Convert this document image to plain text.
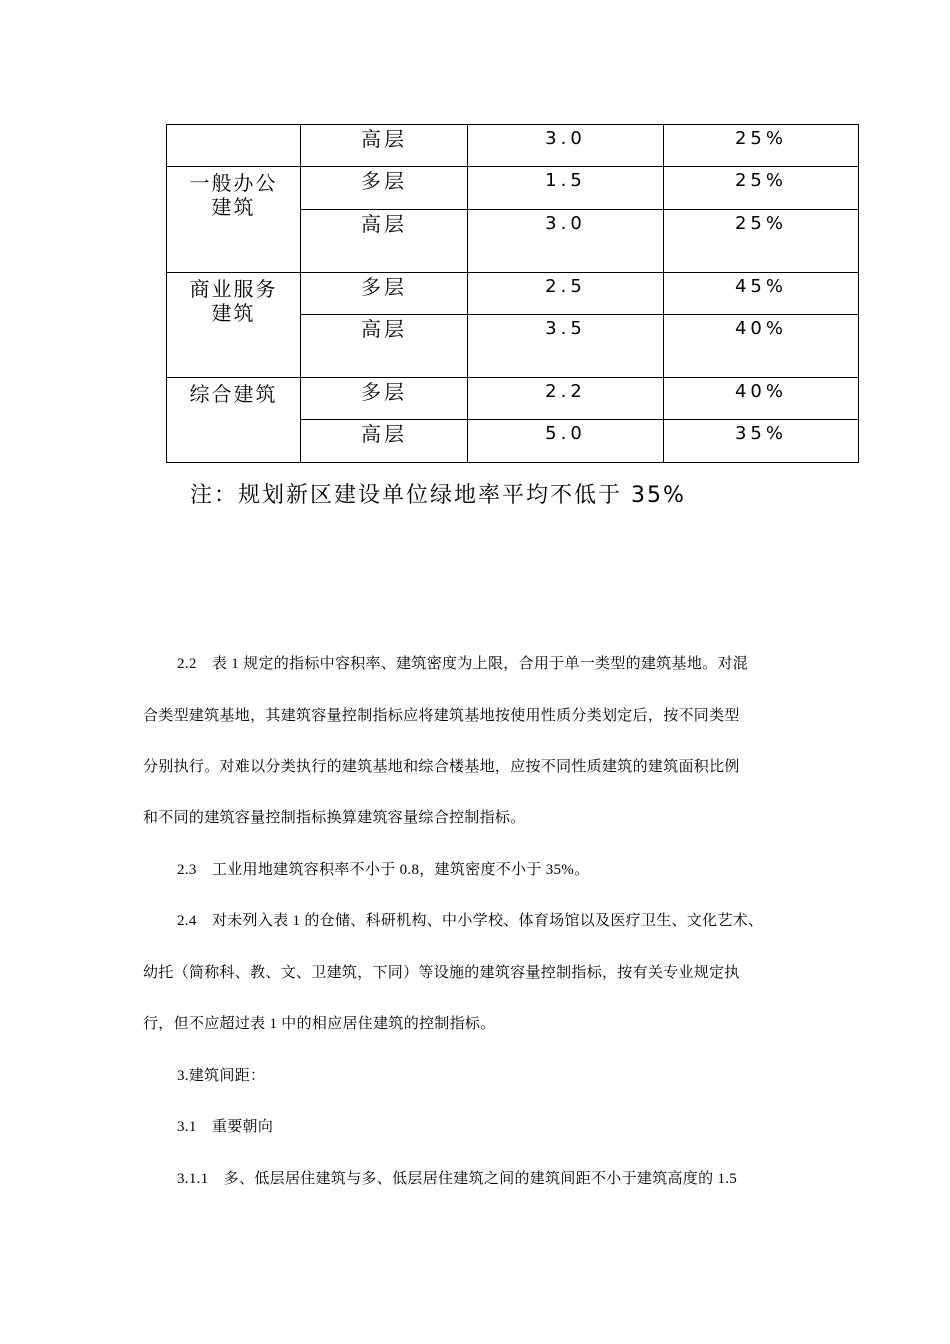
	高层	3.0	25%

一般办公
建筑	多层	1.5	25%
	高层	3.0	25%

商业服务
建筑	多层	2.5	45%
	高层	3.5	40%

综合建筑	多层	2.2	40%
	高层	5.0	35%
注：规划新区建设单位绿地率平均不低于 35%
2.2　表 1 规定的指标中容积率、建筑密度为上限，合用于单一类型的建筑基地。对混
合类型建筑基地，其建筑容量控制指标应将建筑基地按使用性质分类划定后，按不同类型
分别执行。对难以分类执行的建筑基地和综合楼基地，应按不同性质建筑的建筑面积比例
和不同的建筑容量控制指标换算建筑容量综合控制指标。
2.3　工业用地建筑容积率不小于 0.8，建筑密度不小于 35%。
2.4　对未列入表 1 的仓储、科研机构、中小学校、体育场馆以及医疗卫生、文化艺术、
幼托（简称科、教、文、卫建筑，下同）等设施的建筑容量控制指标，按有关专业规定执
行，但不应超过表 1 中的相应居住建筑的控制指标。
3.建筑间距：
3.1　重要朝向
3.1.1　多、低层居住建筑与多、低层居住建筑之间的建筑间距不小于建筑高度的 1.5
